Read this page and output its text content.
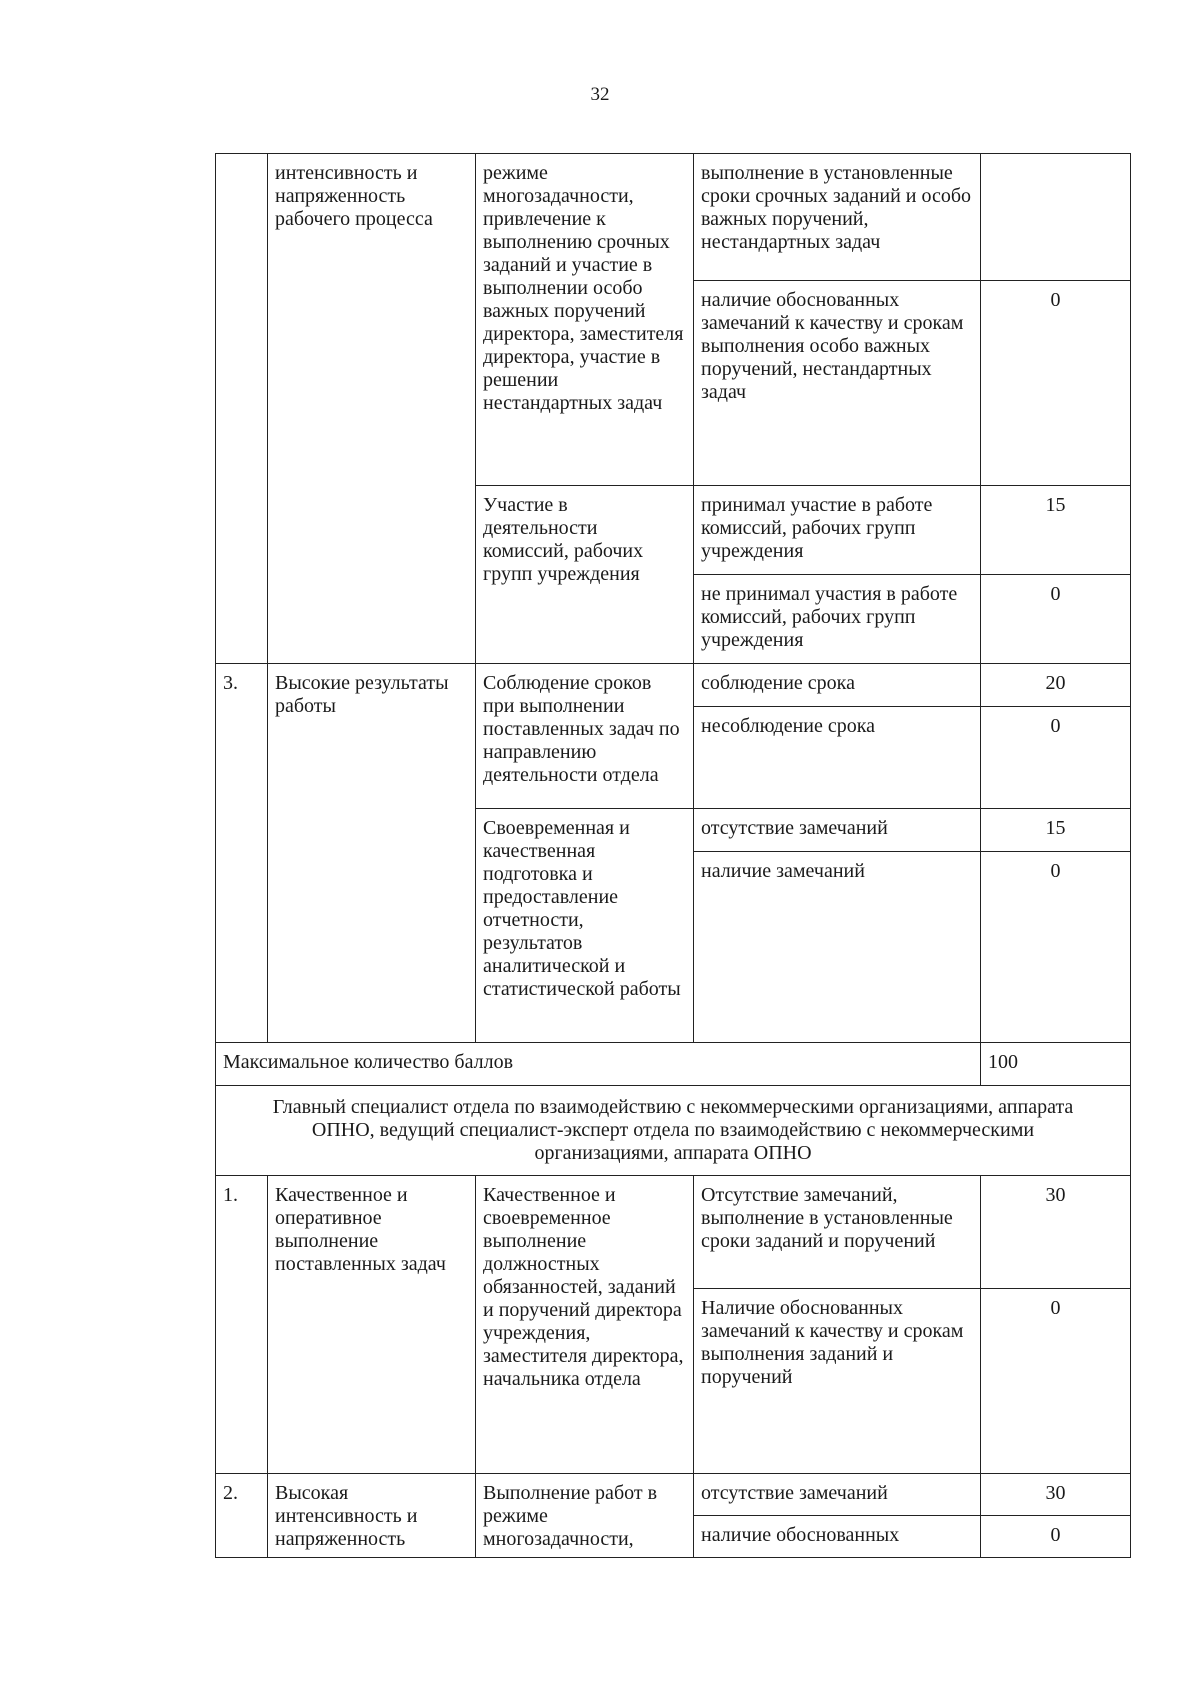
32
	интенсивность и напряженность рабочего процесса	режиме многозадачности, привлечение к выполнению срочных заданий и участие в выполнении особо важных поручений директора, заместителя директора, участие в решении нестандартных задач	выполнение в установленные сроки срочных заданий и особо важных поручений, нестандартных задач	
			наличие обоснованных замечаний к качеству и срокам выполнения особо важных поручений, нестандартных задач	0
		Участие в деятельности комиссий, рабочих групп учреждения	принимал участие в работе комиссий, рабочих групп учреждения	15
			не принимал участия в работе комиссий, рабочих групп учреждения	0
3.	Высокие результаты работы	Соблюдение сроков при выполнении поставленных задач по направлению деятельности отдела	соблюдение срока	20
			несоблюдение срока	0
		Своевременная и качественная подготовка и предоставление отчетности, результатов аналитической и статистической работы	отсутствие замечаний	15
			наличие замечаний	0
Максимальное количество баллов				100
Главный специалист отдела по взаимодействию с некоммерческими организациями, аппарата ОПНО, ведущий специалист-эксперт отдела по взаимодействию с некоммерческими организациями, аппарата ОПНО				
1.	Качественное и оперативное выполнение поставленных задач	Качественное и своевременное выполнение должностных обязанностей, заданий и поручений директора учреждения, заместителя директора, начальника отдела	Отсутствие замечаний, выполнение в установленные сроки заданий и поручений	30
			Наличие обоснованных замечаний к качеству и срокам выполнения заданий и поручений	0
2.	Высокая интенсивность и напряженность	Выполнение работ в режиме многозадачности,	отсутствие замечаний	30
			наличие обоснованных	0
